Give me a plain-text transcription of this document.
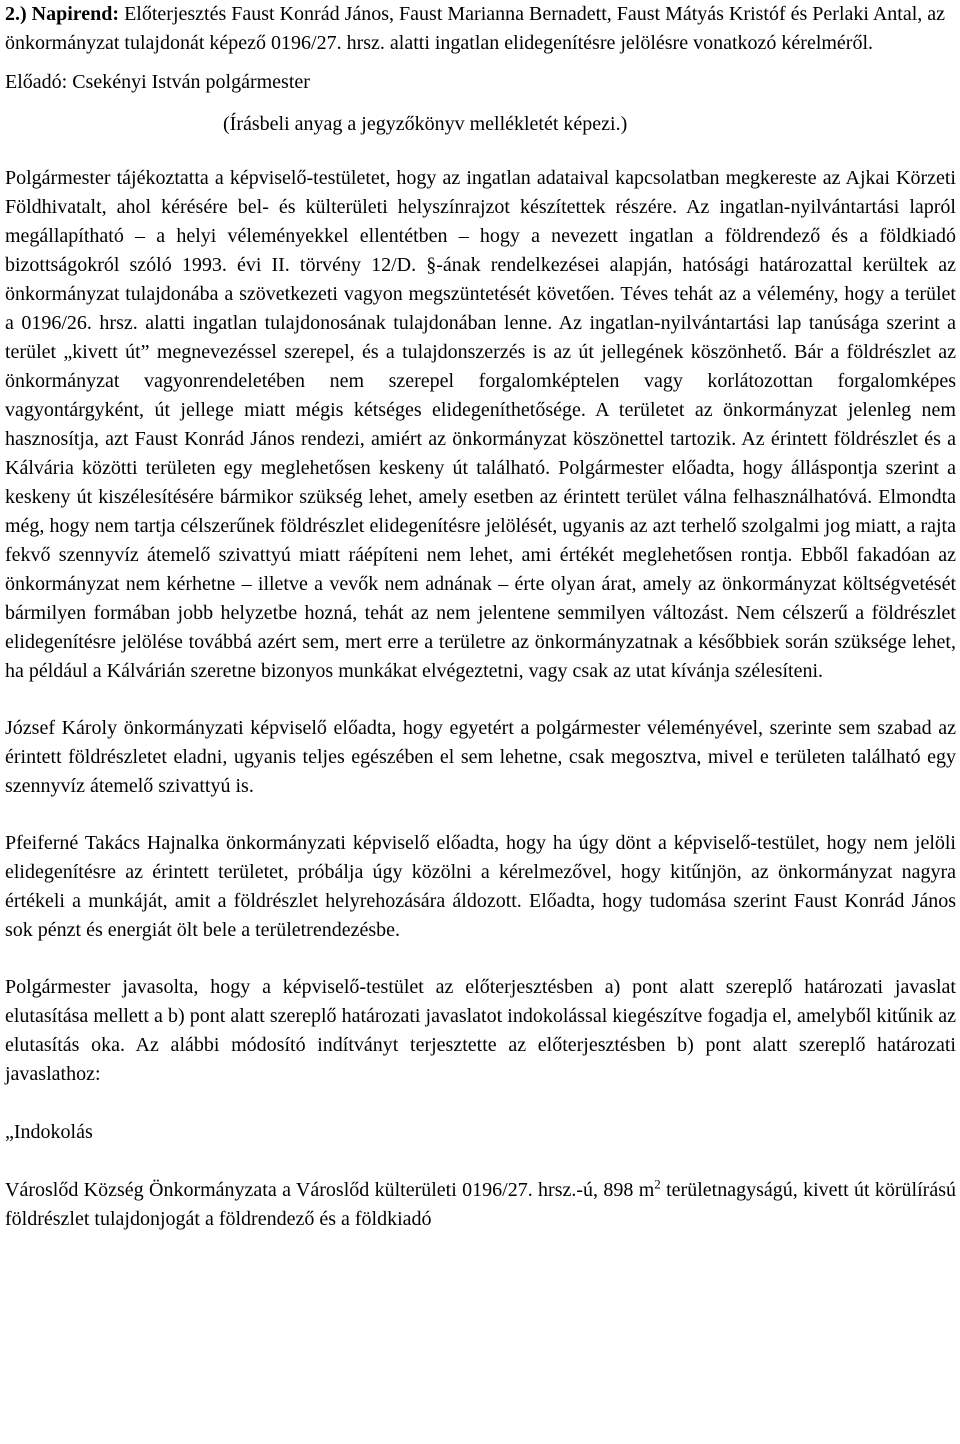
2.) Napirend: Előterjesztés Faust Konrád János, Faust Marianna Bernadett, Faust Mátyás Kristóf és Perlaki Antal, az önkormányzat tulajdonát képező 0196/27. hrsz. alatti ingatlan elidegenítésre jelölésre vonatkozó kérelméről.

Előadó: Csekényi István polgármester

(Írásbeli anyag a jegyzőkönyv mellékletét képezi.)

Polgármester tájékoztatta a képviselő-testületet, hogy az ingatlan adataival kapcsolatban megkereste az Ajkai Körzeti Földhivatalt, ahol kérésére bel- és külterületi helyszínrajzot készítettek részére. Az ingatlan-nyilvántartási lapról megállapítható – a helyi véleményekkel ellentétben – hogy a nevezett ingatlan a földrendező és a földkiadó bizottságokról szóló 1993. évi II. törvény 12/D. §-ának rendelkezései alapján, hatósági határozattal kerültek az önkormányzat tulajdonába a szövetkezeti vagyon megszüntetését követően. Téves tehát az a vélemény, hogy a terület a 0196/26. hrsz. alatti ingatlan tulajdonosának tulajdonában lenne. Az ingatlan-nyilvántartási lap tanúsága szerint a terület „kivett út” megnevezéssel szerepel, és a tulajdonszerzés is az út jellegének köszönhető. Bár a földrészlet az önkormányzat vagyonrendeletében nem szerepel forgalomképtelen vagy korlátozottan forgalomképes vagyontárgyként, út jellege miatt mégis kétséges elidegeníthetősége. A területet az önkormányzat jelenleg nem hasznosítja, azt Faust Konrád János rendezi, amiért az önkormányzat köszönettel tartozik. Az érintett földrészlet és a Kálvária közötti területen egy meglehetősen keskeny út található. Polgármester előadta, hogy álláspontja szerint a keskeny út kiszélesítésére bármikor szükség lehet, amely esetben az érintett terület válna felhasználhatóvá. Elmondta még, hogy nem tartja célszerűnek földrészlet elidegenítésre jelölését, ugyanis az azt terhelő szolgalmi jog miatt, a rajta fekvő szennyvíz átemelő szivattyú miatt ráépíteni nem lehet, ami értékét meglehetősen rontja. Ebből fakadóan az önkormányzat nem kérhetne – illetve a vevők nem adnának – érte olyan árat, amely az önkormányzat költségvetését bármilyen formában jobb helyzetbe hozná, tehát az nem jelentene semmilyen változást. Nem célszerű a földrészlet elidegenítésre jelölése továbbá azért sem, mert erre a területre az önkormányzatnak a későbbiek során szüksége lehet, ha például a Kálvárián szeretne bizonyos munkákat elvégeztetni, vagy csak az utat kívánja szélesíteni.

József Károly önkormányzati képviselő előadta, hogy egyetért a polgármester véleményével, szerinte sem szabad az érintett földrészletet eladni, ugyanis teljes egészében el sem lehetne, csak megosztva, mivel e területen található egy szennyvíz átemelő szivattyú is.

Pfeiferné Takács Hajnalka önkormányzati képviselő előadta, hogy ha úgy dönt a képviselő-testület, hogy nem jelöli elidegenítésre az érintett területet, próbálja úgy közölni a kérelmezővel, hogy kitűnjön, az önkormányzat nagyra értékeli a munkáját, amit a földrészlet helyrehozására áldozott. Előadta, hogy tudomása szerint Faust Konrád János sok pénzt és energiát ölt bele a területrendezésbe.

Polgármester javasolta, hogy a képviselő-testület az előterjesztésben a) pont alatt szereplő határozati javaslat elutasítása mellett a b) pont alatt szereplő határozati javaslatot indokolással kiegészítve fogadja el, amelyből kitűnik az elutasítás oka. Az alábbi módosító indítványt terjesztette az előterjesztésben b) pont alatt szereplő határozati javaslathoz:

„Indokolás

Városlőd Község Önkormányzata a Városlőd külterületi 0196/27. hrsz.-ú, 898 $m^2$ területnagyságú, kivett út körülírású földrészlet tulajdonjogát a földrendező és a földkiadó
